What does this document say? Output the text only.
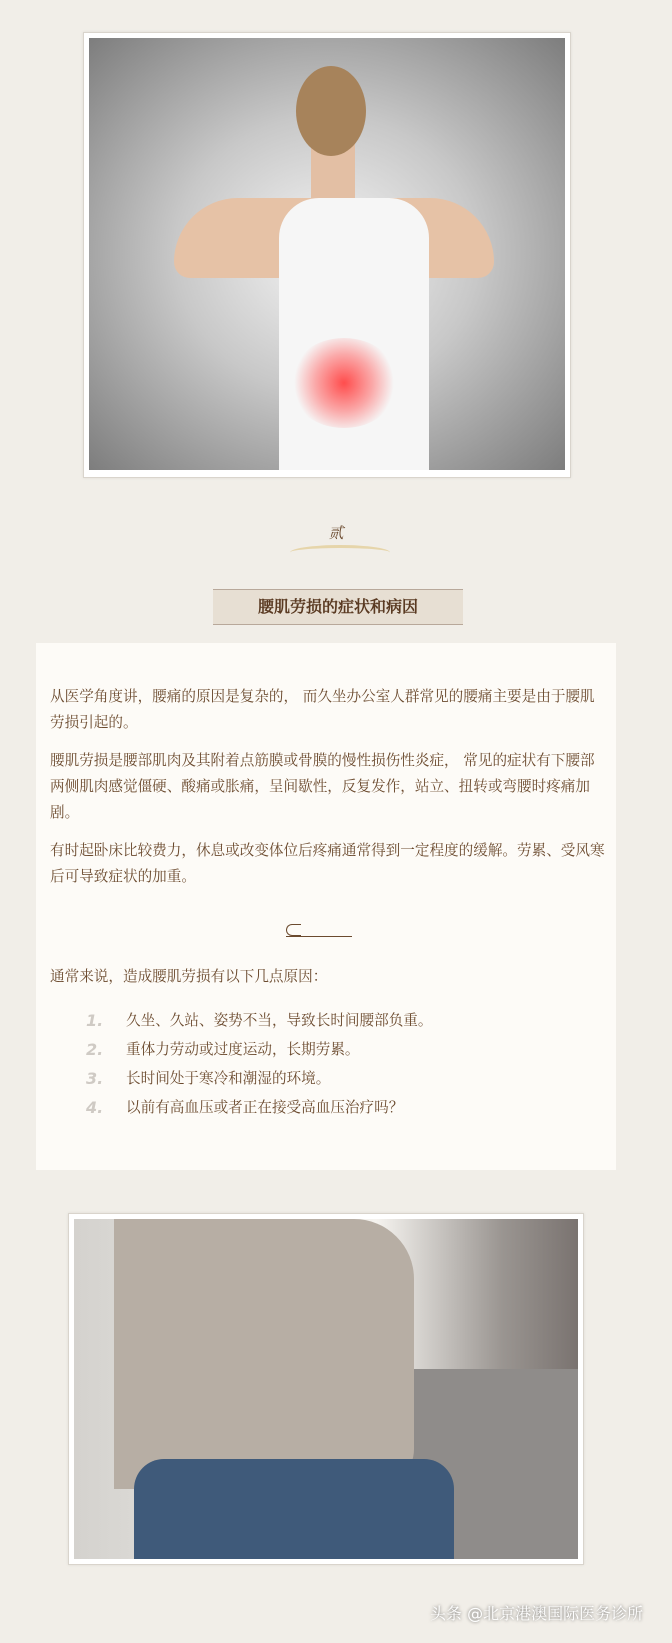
贰
腰肌劳损的症状和病因

从医学角度讲，腰痛的原因是复杂的， 而久坐办公室人群常见的腰痛主要是由于腰肌劳损引起的。

腰肌劳损是腰部肌肉及其附着点筋膜或骨膜的慢性损伤性炎症， 常见的症状有下腰部两侧肌肉感觉僵硬、酸痛或胀痛，呈间歇性，反复发作，站立、扭转或弯腰时疼痛加剧。

有时起卧床比较费力，休息或改变体位后疼痛通常得到一定程度的缓解。劳累、受风寒后可导致症状的加重。

通常来说，造成腰肌劳损有以下几点原因：

1.	久坐、久站、姿势不当，导致长时间腰部负重。
2.	重体力劳动或过度运动，长期劳累。
3.	长时间处于寒冷和潮湿的环境。
4.	以前有高血压或者正在接受高血压治疗吗？
头条 @北京港澳国际医务诊所
